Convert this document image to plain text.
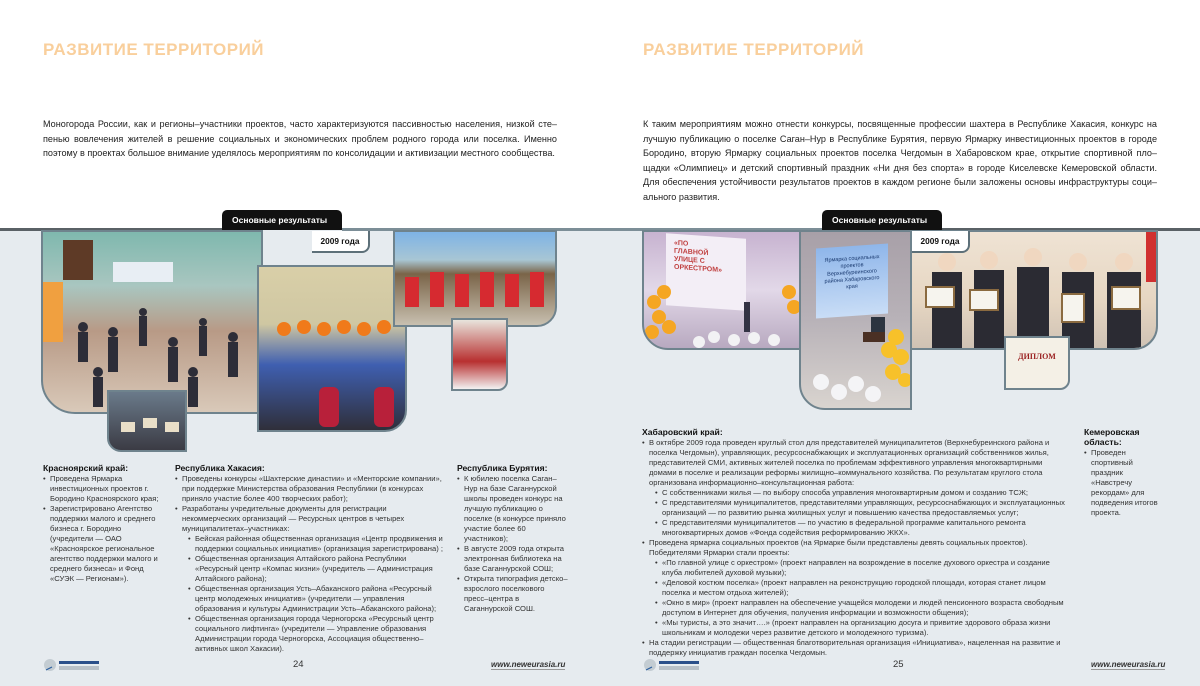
РАЗВИТИЕ ТЕРРИТОРИЙ
Моногорода России, как и регионы–участники проектов, часто характеризуются пассивностью населения, низкой сте–пенью вовлечения жителей в решение социальных и экономических проблем родного города или поселка. Именно поэтому в проектах большое внимание уделялось мероприятиям по консолидации и активизации местного сообщества.
Основные результаты
2009 года
Красноярский край:
• Проведена Ярмарка инвестиционных проектов г. Бородино Красноярского края;
• Зарегистрировано Агентство поддержки малого и среднего бизнеса г. Бородино (учредители — ОАО «Красноярское региональное агентство поддержки малого и среднего бизнеса» и Фонд «СУЭК — Регионам»).
Республика Хакасия:
• Проведены конкурсы «Шахтерские династии» и «Менторские компании», при поддержке Министерства образования Республики (в конкурсах приняло участие более 400 творческих работ);
• Разработаны учредительные документы для регистрации некоммерческих организаций — Ресурсных центров в четырех муниципалитетах–участниках:
• Бейская районная общественная организация «Центр продвижения и поддержки социальных инициатив» (организация зарегистрирована) ;
• Общественная организация Алтайского района Республики «Ресурсный центр «Компас жизни» (учредитель — Администрация Алтайского района);
• Общественная организация Усть–Абаканского района «Ресурсный центр молодежных инициатив» (учредители — управления образования и культуры Администрации Усть–Абаканского района);
• Общественная организация города Черногорска «Ресурсный центр социального лифтинга» (учредители — Управление образования Администрации города Черногорска, Ассоциация общественно–активных школ Хакасии).
Республика Бурятия:
• К юбилею поселка Саган–Нур на базе Саганнурской школы проведен конкурс на лучшую публикацию о поселке (в конкурсе приняло участие более 60 участников);
• В августе 2009 года открыта электронная библиотека на базе Саганнурской СОШ;
• Открыта типография детско–взрослого поселкового пресс–центра в Саганнурской СОШ.
24	www.neweurasia.ru
РАЗВИТИЕ ТЕРРИТОРИЙ
К таким мероприятиям можно отнести конкурсы, посвященные профессии шахтера в Республике Хакасия, конкурс на лучшую публикацию о поселке Саган–Нур в Республике Бурятия, первую Ярмарку инвестиционных проектов в городе Бородино, вторую Ярмарку социальных проектов поселка Чегдомын в Хабаровском крае, открытие спортивной пло–щадки «Олимпиец» и детский спортивный праздник «Ни дня без спорта» в городе Киселевске Кемеровской области. Для обеспечения устойчивости результатов проектов в каждом регионе были заложены основы инфраструктуры соци–ального развития.
Основные результаты
2009 года
«ПО ГЛАВНОЙ УЛИЦЕ С ОРКЕСТРОМ»
Ярмарка социальных проектов Верхнебуреинского района Хабаровского края
ДИПЛОМ
Хабаровский край:
• В октябре 2009 года проведен круглый стол для представителей муниципалитетов (Верхнебуреинского района и поселка Чегдомын), управляющих, ресурсоснабжающих и эксплуатационных организаций собственников жилья, представителей СМИ, активных жителей поселка по проблемам эффективного управления многоквартирными домами в поселке и реализации реформы жилищно–коммунального хозяйства. По результатам круглого стола организована информационно–консультационная работа:
• С собственниками жилья — по выбору способа управления многоквартирным домом и созданию ТСЖ;
• С представителями муниципалитетов, представителями управляющих, ресурсоснабжающих и эксплуатационных организаций — по развитию рынка жилищных услуг и повышению качества предоставляемых услуг;
• С представителями муниципалитетов — по участию в федеральной программе капитального ремонта многоквартирных домов «Фонда содействия реформированию ЖКХ».
• Проведена ярмарка социальных проектов (на Ярмарке были представлены девять социальных проектов). Победителями Ярмарки стали проекты:
• «По главной улице с оркестром» (проект направлен на возрождение в поселке духового оркестра и создание клуба любителей духовой музыки);
• «Деловой костюм поселка» (проект направлен на реконструкцию городской площади, которая станет лицом поселка и местом отдыха жителей);
• «Окно в мир» (проект направлен на обеспечение учащейся молодежи и людей пенсионного возраста свободным доступом в Интернет для обучения, получения информации и возможности общения);
• «Мы туристы, а это значит….» (проект направлен на организацию досуга и привитие здорового образа жизни школьникам и молодежи через развитие детского и молодежного туризма).
• На стадии регистрации — общественная благотворительная организация «Инициатива», нацеленная на развитие и поддержку инициатив граждан поселка Чегдомын.
Кемеровская область:
• Проведен спортивный праздник «Навстречу рекордам» для подведения итогов проекта.
25	www.neweurasia.ru
